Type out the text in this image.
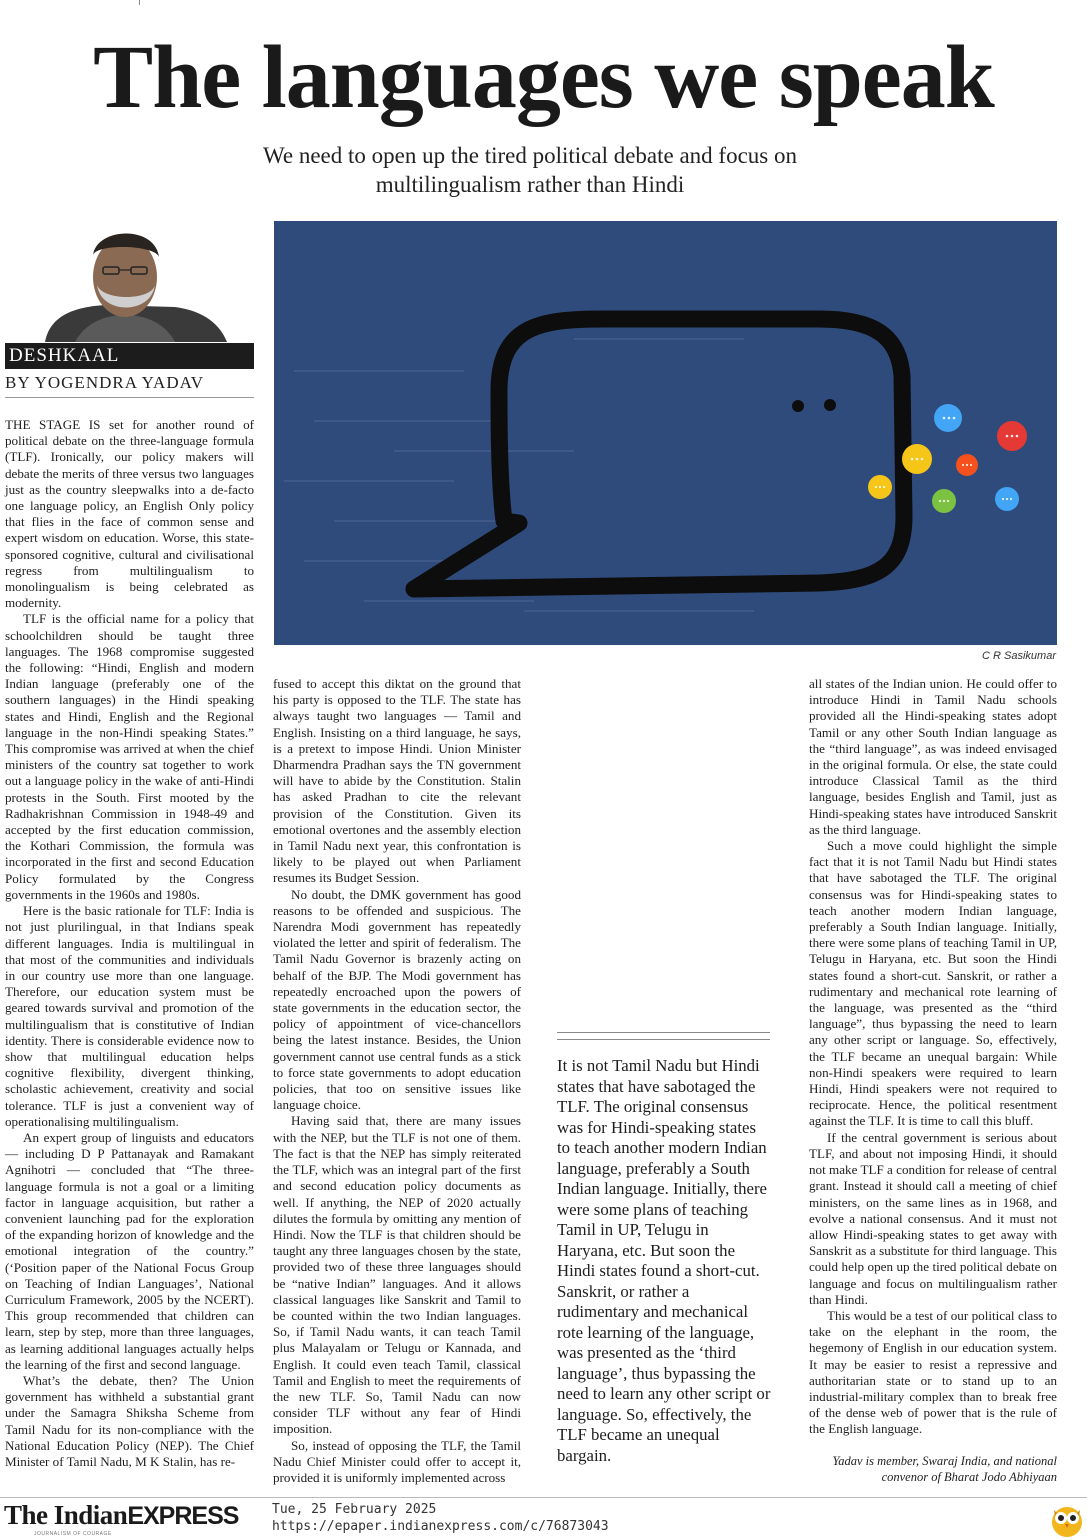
The languages we speak
We need to open up the tired political debate and focus on multilingualism rather than Hindi
DESHKAAL
BY YOGENDRA YADAV
C R Sasikumar

THE STAGE IS set for another round of political debate on the three-language formula (TLF). Ironically, our policy makers will debate the merits of three versus two languages just as the country sleepwalks into a de-facto one language policy, an English Only policy that flies in the face of common sense and expert wisdom on education. Worse, this state-sponsored cognitive, cultural and civilisational regress from multilingualism to monolingualism is being celebrated as modernity.

TLF is the official name for a policy that schoolchildren should be taught three languages. The 1968 compromise suggested the following: “Hindi, English and modern Indian language (preferably one of the southern languages) in the Hindi speaking states and Hindi, English and the Regional language in the non-Hindi speaking States.” This compromise was arrived at when the chief ministers of the country sat together to work out a language policy in the wake of anti-Hindi protests in the South. First mooted by the Radhakrishnan Commission in 1948-49 and accepted by the first education commission, the Kothari Commission, the formula was incorporated in the first and second Education Policy formulated by the Congress governments in the 1960s and 1980s.

Here is the basic rationale for TLF: India is not just plurilingual, in that Indians speak different languages. India is multilingual in that most of the communities and individuals in our country use more than one language. Therefore, our education system must be geared towards survival and promotion of the multilingualism that is constitutive of Indian identity. There is considerable evidence now to show that multilingual education helps cognitive flexibility, divergent thinking, scholastic achievement, creativity and social tolerance. TLF is just a convenient way of operationalising multilingualism.

An expert group of linguists and educators — including D P Pattanayak and Ramakant Agnihotri — concluded that “The three-language formula is not a goal or a limiting factor in language acquisition, but rather a convenient launching pad for the exploration of the expanding horizon of knowledge and the emotional integration of the country.” (‘Position paper of the National Focus Group on Teaching of Indian Languages’, National Curriculum Framework, 2005 by the NCERT). This group recommended that children can learn, step by step, more than three languages, as learning additional languages actually helps the learning of the first and second language.

What’s the debate, then? The Union government has withheld a substantial grant under the Samagra Shiksha Scheme from Tamil Nadu for its non-compliance with the National Education Policy (NEP). The Chief Minister of Tamil Nadu, M K Stalin, has re-

fused to accept this diktat on the ground that his party is opposed to the TLF. The state has always taught two languages — Tamil and English. Insisting on a third language, he says, is a pretext to impose Hindi. Union Minister Dharmendra Pradhan says the TN government will have to abide by the Constitution. Stalin has asked Pradhan to cite the relevant provision of the Constitution. Given its emotional overtones and the assembly election in Tamil Nadu next year, this confrontation is likely to be played out when Parliament resumes its Budget Session.

No doubt, the DMK government has good reasons to be offended and suspicious. The Narendra Modi government has repeatedly violated the letter and spirit of federalism. The Tamil Nadu Governor is brazenly acting on behalf of the BJP. The Modi government has repeatedly encroached upon the powers of state governments in the education sector, the policy of appointment of vice-chancellors being the latest instance. Besides, the Union government cannot use central funds as a stick to force state governments to adopt education policies, that too on sensitive issues like language choice.

Having said that, there are many issues with the NEP, but the TLF is not one of them. The fact is that the NEP has simply reiterated the TLF, which was an integral part of the first and second education policy documents as well. If anything, the NEP of 2020 actually dilutes the formula by omitting any mention of Hindi. Now the TLF is that children should be taught any three languages chosen by the state, provided two of these three languages should be “native Indian” languages. And it allows classical languages like Sanskrit and Tamil to be counted within the two Indian languages. So, if Tamil Nadu wants, it can teach Tamil plus Malayalam or Telugu or Kannada, and English. It could even teach Tamil, classical Tamil and English to meet the requirements of the new TLF. So, Tamil Nadu can now consider TLF without any fear of Hindi imposition.

So, instead of opposing the TLF, the Tamil Nadu Chief Minister could offer to accept it, provided it is uniformly implemented across

It is not Tamil Nadu but Hindi states that have sabotaged the TLF. The original consensus was for Hindi-speaking states to teach another modern Indian language, preferably a South Indian language. Initially, there were some plans of teaching Tamil in UP, Telugu in Haryana, etc. But soon the Hindi states found a short-cut. Sanskrit, or rather a rudimentary and mechanical rote learning of the language, was presented as the ‘third language’, thus bypassing the need to learn any other script or language. So, effectively, the TLF became an unequal bargain.

all states of the Indian union. He could offer to introduce Hindi in Tamil Nadu schools provided all the Hindi-speaking states adopt Tamil or any other South Indian language as the “third language”, as was indeed envisaged in the original formula. Or else, the state could introduce Classical Tamil as the third language, besides English and Tamil, just as Hindi-speaking states have introduced Sanskrit as the third language.

Such a move could highlight the simple fact that it is not Tamil Nadu but Hindi states that have sabotaged the TLF. The original consensus was for Hindi-speaking states to teach another modern Indian language, preferably a South Indian language. Initially, there were some plans of teaching Tamil in UP, Telugu in Haryana, etc. But soon the Hindi states found a short-cut. Sanskrit, or rather a rudimentary and mechanical rote learning of the language, was presented as the “third language”, thus bypassing the need to learn any other script or language. So, effectively, the TLF became an unequal bargain: While non-Hindi speakers were required to learn Hindi, Hindi speakers were not required to reciprocate. Hence, the political resentment against the TLF. It is time to call this bluff.

If the central government is serious about TLF, and about not imposing Hindi, it should not make TLF a condition for release of central grant. Instead it should call a meeting of chief ministers, on the same lines as in 1968, and evolve a national consensus. And it must not allow Hindi-speaking states to get away with Sanskrit as a substitute for third language. This could help open up the tired political debate on language and focus on multilingualism rather than Hindi.

This would be a test of our political class to take on the elephant in the room, the hegemony of English in our education system. It may be easier to resist a repressive and authoritarian state or to stand up to an industrial-military complex than to break free of the dense web of power that is the rule of the English language.

Yadav is member, Swaraj India, and national convenor of Bharat Jodo Abhiyaan
The IndianEXPRESS
JOURNALISM OF COURAGE
Tue, 25 February 2025
https://epaper.indianexpress.com/c/76873043
